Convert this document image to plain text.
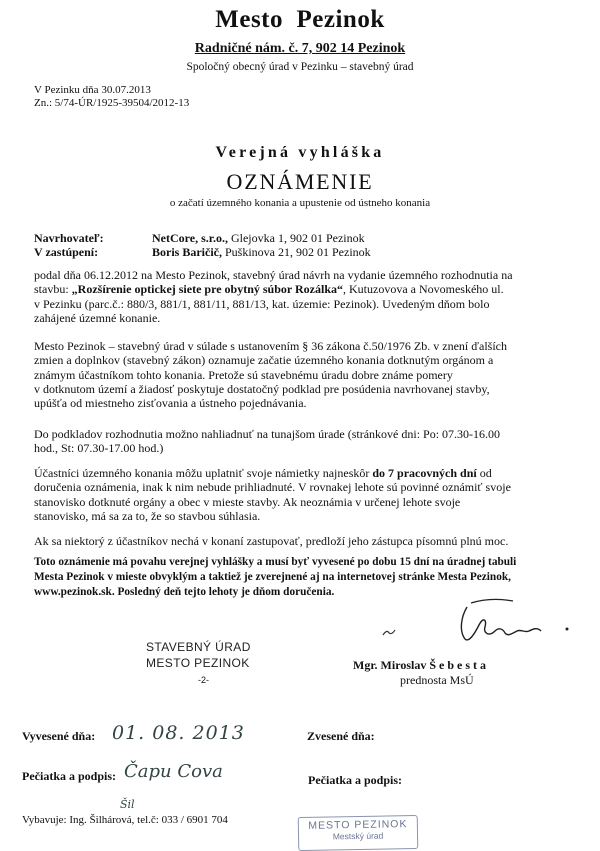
Mesto  Pezinok
Radničné nám. č. 7, 902 14 Pezinok
Spoločný obecný úrad v Pezinku – stavebný úrad
V Pezinku dňa 30.07.2013
Zn.: 5/74-ÚR/1925-39504/2012-13
Verejná vyhláška
OZNÁMENIE
o začatí územného konania a upustenie od ústneho konania
Navrhovateľ:	NetCore, s.r.o., Glejovka 1, 902 01 Pezinok
V zastúpení:	Boris Baričič, Puškinova 21, 902 01 Pezinok
podal dňa 06.12.2012 na Mesto Pezinok, stavebný úrad návrh na vydanie územného rozhodnutia na
stavbu: „Rozšírenie optickej siete pre obytný súbor Rozálka“, Kutuzovova a Novomeského ul.
v Pezinku (parc.č.: 880/3, 881/1, 881/11, 881/13, kat. územie: Pezinok). Uvedeným dňom bolo
zahájené územné konanie.
Mesto Pezinok – stavebný úrad v súlade s ustanovením § 36 zákona č.50/1976 Zb. v znení ďalších
zmien a doplnkov (stavebný zákon) oznamuje začatie územného konania dotknutým orgánom a
známym účastníkom tohto konania. Pretože sú stavebnému úradu dobre známe pomery
v dotknutom území a žiadosť poskytuje dostatočný podklad pre posúdenia navrhovanej stavby,
upúšťa od miestneho zisťovania a ústneho pojednávania.
Do podkladov rozhodnutia možno nahliadnuť na tunajšom úrade (stránkové dni: Po: 07.30-16.00
hod., St: 07.30-17.00 hod.)
Účastníci územného konania môžu uplatniť svoje námietky najneskôr do 7 pracovných dní od
doručenia oznámenia, inak k nim nebude prihliadnuté. V rovnakej lehote sú povinné oznámiť svoje
stanovisko dotknuté orgány a obec v mieste stavby. Ak neoznámia v určenej lehote svoje
stanovisko, má sa za to, že so stavbou súhlasia.
Ak sa niektorý z účastníkov nechá v konaní zastupovať, predloží jeho zástupca písomnú plnú moc.
Toto oznámenie má povahu verejnej vyhlášky a musí byť vyvesené po dobu 15 dní na úradnej tabuli
Mesta Pezinok v mieste obvyklým a taktiež je zverejnené aj na internetovej stránke Mesta Pezinok,
www.pezinok.sk. Posledný deň tejto lehoty je dňom doručenia.
STAVEBNÝ ÚRAD
MESTO PEZINOK
-2-
Mgr. Miroslav Š e b e s t a
prednosta MsÚ
Vyvesené dňa: 01. 08. 2013	Zvesené dňa:
Pečiatka a podpis: Čapu Cova	Pečiatka a podpis:
Šil
Vybavuje: Ing. Šilhárová, tel.č: 033 / 6901 704	MESTO PEZINOK
Mestský úrad
